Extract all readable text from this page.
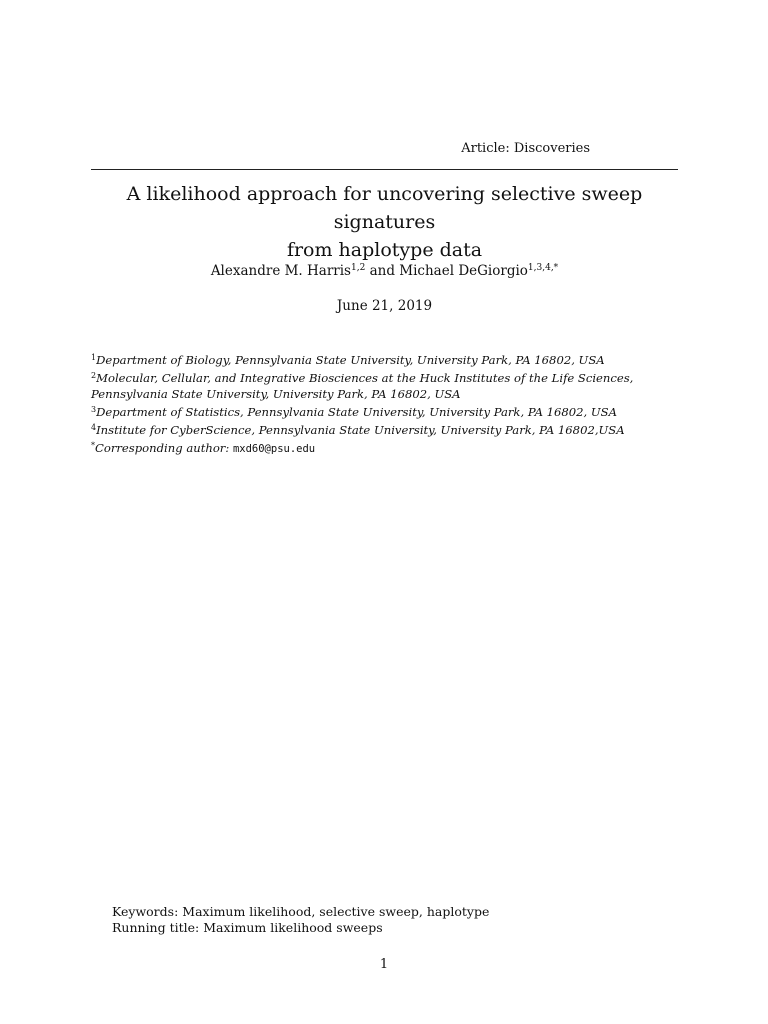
Article: Discoveries
A likelihood approach for uncovering selective sweep signatures
from haplotype data
Alexandre M. Harris$^{1,2}$ and Michael DeGiorgio$^{1,3,4,*}$
June 21, 2019

$^1$Department of Biology, Pennsylvania State University, University Park, PA 16802, USA

$^2$Molecular, Cellular, and Integrative Biosciences at the Huck Institutes of the Life Sciences, Pennsylvania State University, University Park, PA 16802, USA

$^3$Department of Statistics, Pennsylvania State University, University Park, PA 16802, USA

$^4$Institute for CyberScience, Pennsylvania State University, University Park, PA 16802,USA

*Corresponding author: mxd60@psu.edu

Keywords: Maximum likelihood, selective sweep, haplotype
Running title: Maximum likelihood sweeps
1
